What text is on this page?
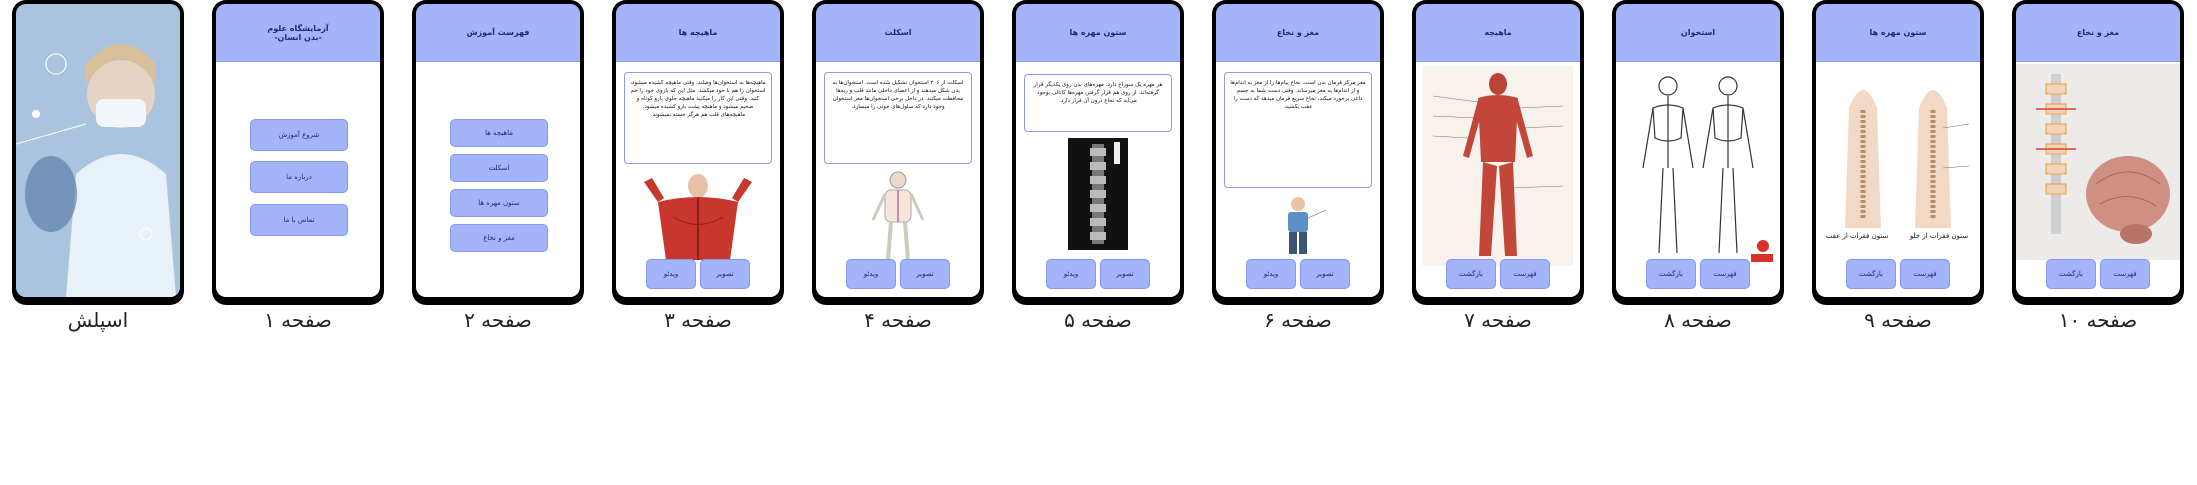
اسپلش
آزمایشگاه علوم
-بدن انسان-
شروع آموزش
درباره ما
تماس با ما
صفحه ۱
فهرست آموزش
ماهیچه ها
اسکلت
ستون مهره ها
مغز و نخاع
صفحه ۲
ماهیچه ها
ماهیچه‌ها به استخوان‌ها وصلند. وقتی ماهیچه کشیده میشود، استخوان را هم با خود میکشد. مثل این که بازوی خود را خم کنید. وقتی این کار را میکنید ماهیچه جلوی بازو کوتاه و ضخیم میشود و ماهیچه پشت بازو کشیده میشود. ماهیچه‌های قلب هم هرگز خسته نمیشوند.
ویدئو	تصویر
صفحه ۳
اسکلت
اسکلت از ۲۰۶ استخوان تشکیل شده است. استخوان‌ها به بدن شکل میدهند و از اعضای داخلی مانند قلب و ریه‌ها محافظت میکنند. در داخل برخی استخوان‌ها مغز استخوان وجود دارد که سلول‌های خونی را میسازد.
ویدئو	تصویر
صفحه ۴
ستون مهره ها
هر مهره یک سوراخ دارد. مهره‌های بدن روی یکدیگر قرار گرفته‌اند. از روی هم قرار گرفتن مهره‌ها کانالی بوجود می‌آید که نخاع درون آن قرار دارد.
ویدئو	تصویر
صفحه ۵
مغز و نخاع
مغز مرکز فرمان بدن است. نخاع پیام‌ها را از مغز به اندام‌ها و از اندام‌ها به مغز میرساند. وقتی دست شما به جسم داغی برخورد میکند، نخاع سریع فرمان میدهد که دست را عقب بکشید.
ویدئو	تصویر
صفحه ۶
ماهیچه
بازگشت	فهرست
صفحه ۷
استخوان
بازگشت	فهرست
صفحه ۸
ستون مهره ها
ستون فقرات از عقب	ستون فقرات از جلو
بازگشت	فهرست
صفحه ۹
مغز و نخاع
بازگشت	فهرست
صفحه ۱۰
